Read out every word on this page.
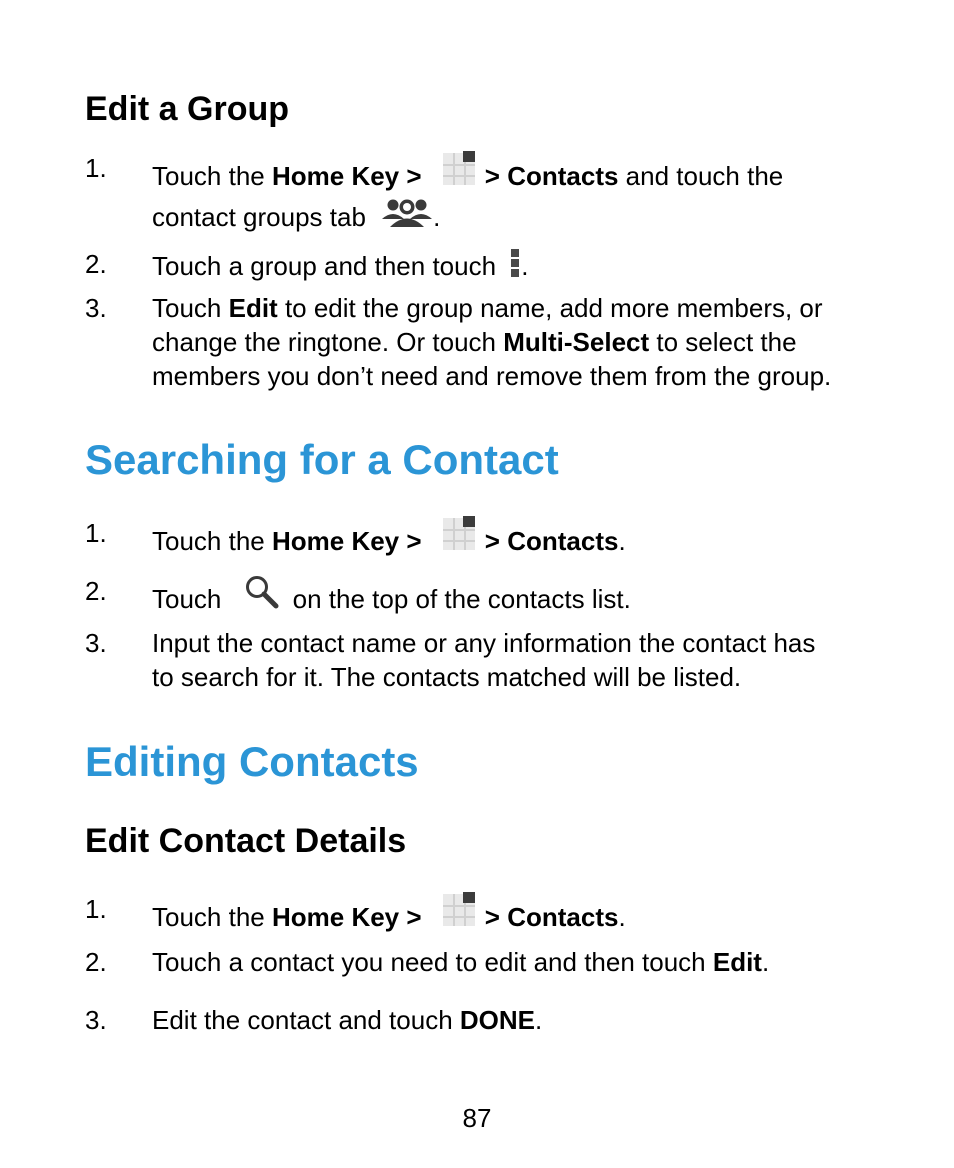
Edit a Group
1.	Touch the Home Key > > Contacts and touch the
contact groups tab	.
2.	Touch a group and then touch .
3.	Touch Edit to edit the group name, add more members, or
change the ringtone. Or touch Multi-Select to select the
members you don’t need and remove them from the group.
Searching for a Contact
1.	Touch the Home Key > > Contacts.
2.	Touch	on the top of the contacts list.
3.	Input the contact name or any information the contact has
to search for it. The contacts matched will be listed.
Editing Contacts
Edit Contact Details
1.	Touch the Home Key > > Contacts.
2.	Touch a contact you need to edit and then touch Edit.
3.	Edit the contact and touch DONE.
87
